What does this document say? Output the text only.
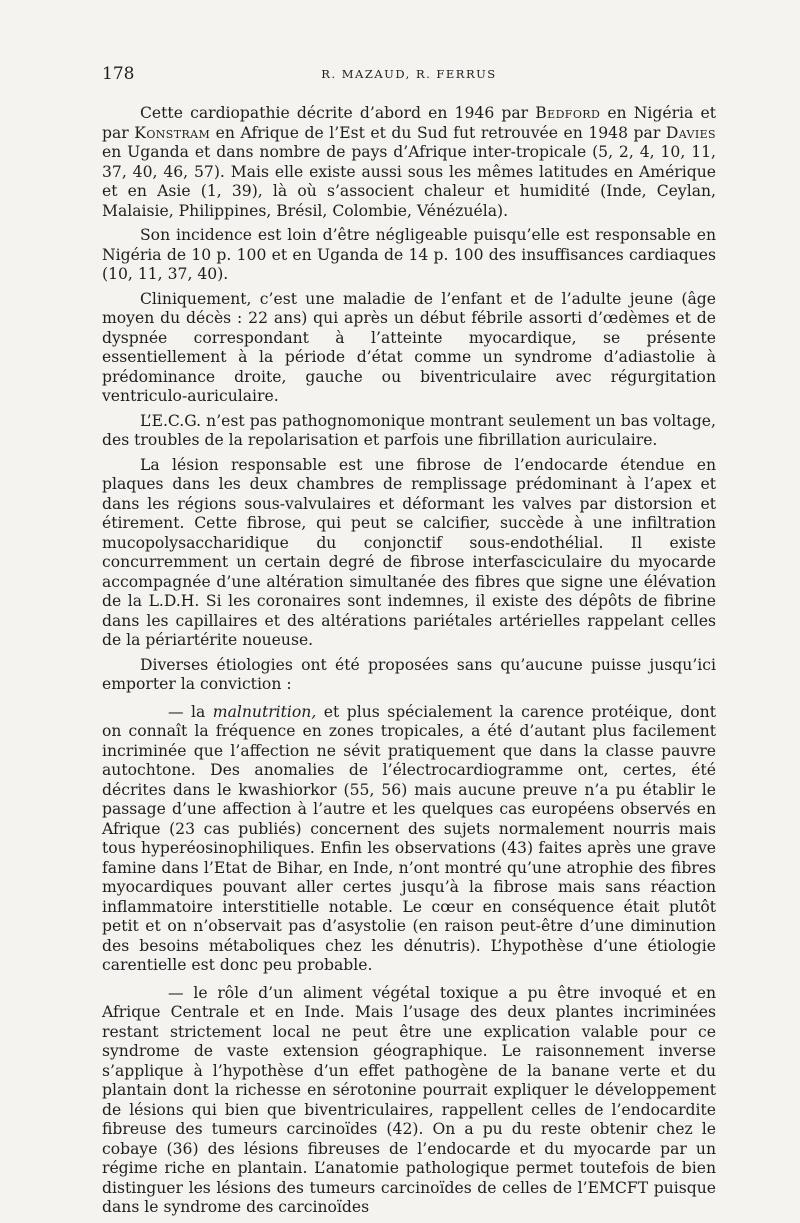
178	R. MAZAUD, R. FERRUS

Cette cardiopathie décrite d’abord en 1946 par Bedford en Nigéria et par Konstram en Afrique de l’Est et du Sud fut retrouvée en 1948 par Davies en Uganda et dans nombre de pays d’Afrique inter-tropicale (5, 2, 4, 10, 11, 37, 40, 46, 57). Mais elle existe aussi sous les mêmes latitudes en Amérique et en Asie (1, 39), là où s’associent chaleur et humidité (Inde, Ceylan, Malaisie, Philippines, Brésil, Colombie, Vénézuéla).

Son incidence est loin d’être négligeable puisqu’elle est responsable en Nigéria de 10 p. 100 et en Uganda de 14 p. 100 des insuffisances cardiaques (10, 11, 37, 40).

Cliniquement, c’est une maladie de l’enfant et de l’adulte jeune (âge moyen du décès : 22 ans) qui après un début fébrile assorti d’œdèmes et de dyspnée correspondant à l’atteinte myocardique, se présente essentiellement à la période d’état comme un syndrome d’adiastolie à prédominance droite, gauche ou biventriculaire avec régurgitation ventriculo-auriculaire.

L’E.C.G. n’est pas pathognomonique montrant seulement un bas voltage, des troubles de la repolarisation et parfois une fibrillation auriculaire.

La lésion responsable est une fibrose de l’endocarde étendue en plaques dans les deux chambres de remplissage prédominant à l’apex et dans les régions sous-valvulaires et déformant les valves par distorsion et étirement. Cette fibrose, qui peut se calcifier, succède à une infiltration mucopolysaccharidique du conjonctif sous-endothélial. Il existe concurremment un certain degré de fibrose interfasciculaire du myocarde accompagnée d’une altération simultanée des fibres que signe une élévation de la L.D.H. Si les coronaires sont indemnes, il existe des dépôts de fibrine dans les capillaires et des altérations pariétales artérielles rappelant celles de la périartérite noueuse.

Diverses étiologies ont été proposées sans qu’aucune puisse jusqu’ici emporter la conviction :

— la malnutrition, et plus spécialement la carence protéique, dont on connaît la fréquence en zones tropicales, a été d’autant plus facilement incriminée que l’affection ne sévit pratiquement que dans la classe pauvre autochtone. Des anomalies de l’électrocardiogramme ont, certes, été décrites dans le kwashiorkor (55, 56) mais aucune preuve n’a pu établir le passage d’une affection à l’autre et les quelques cas européens observés en Afrique (23 cas publiés) concernent des sujets normalement nourris mais tous hyperéosinophiliques. Enfin les observations (43) faites après une grave famine dans l’Etat de Bihar, en Inde, n’ont montré qu’une atrophie des fibres myocardiques pouvant aller certes jusqu’à la fibrose mais sans réaction inflammatoire interstitielle notable. Le cœur en conséquence était plutôt petit et on n’observait pas d’asystolie (en raison peut-être d’une diminution des besoins métaboliques chez les dénutris). L’hypothèse d’une étiologie carentielle est donc peu probable.

— le rôle d’un aliment végétal toxique a pu être invoqué et en Afrique Centrale et en Inde. Mais l’usage des deux plantes incriminées restant strictement local ne peut être une explication valable pour ce syndrome de vaste extension géographique. Le raisonnement inverse s’applique à l’hypothèse d’un effet pathogène de la banane verte et du plantain dont la richesse en sérotonine pourrait expliquer le développement de lésions qui bien que biventriculaires, rappellent celles de l’endocardite fibreuse des tumeurs carcinoïdes (42). On a pu du reste obtenir chez le cobaye (36) des lésions fibreuses de l’endocarde et du myocarde par un régime riche en plantain. L’anatomie pathologique permet toutefois de bien distinguer les lésions des tumeurs carcinoïdes de celles de l’EMCFT puisque dans le syndrome des carcinoïdes
